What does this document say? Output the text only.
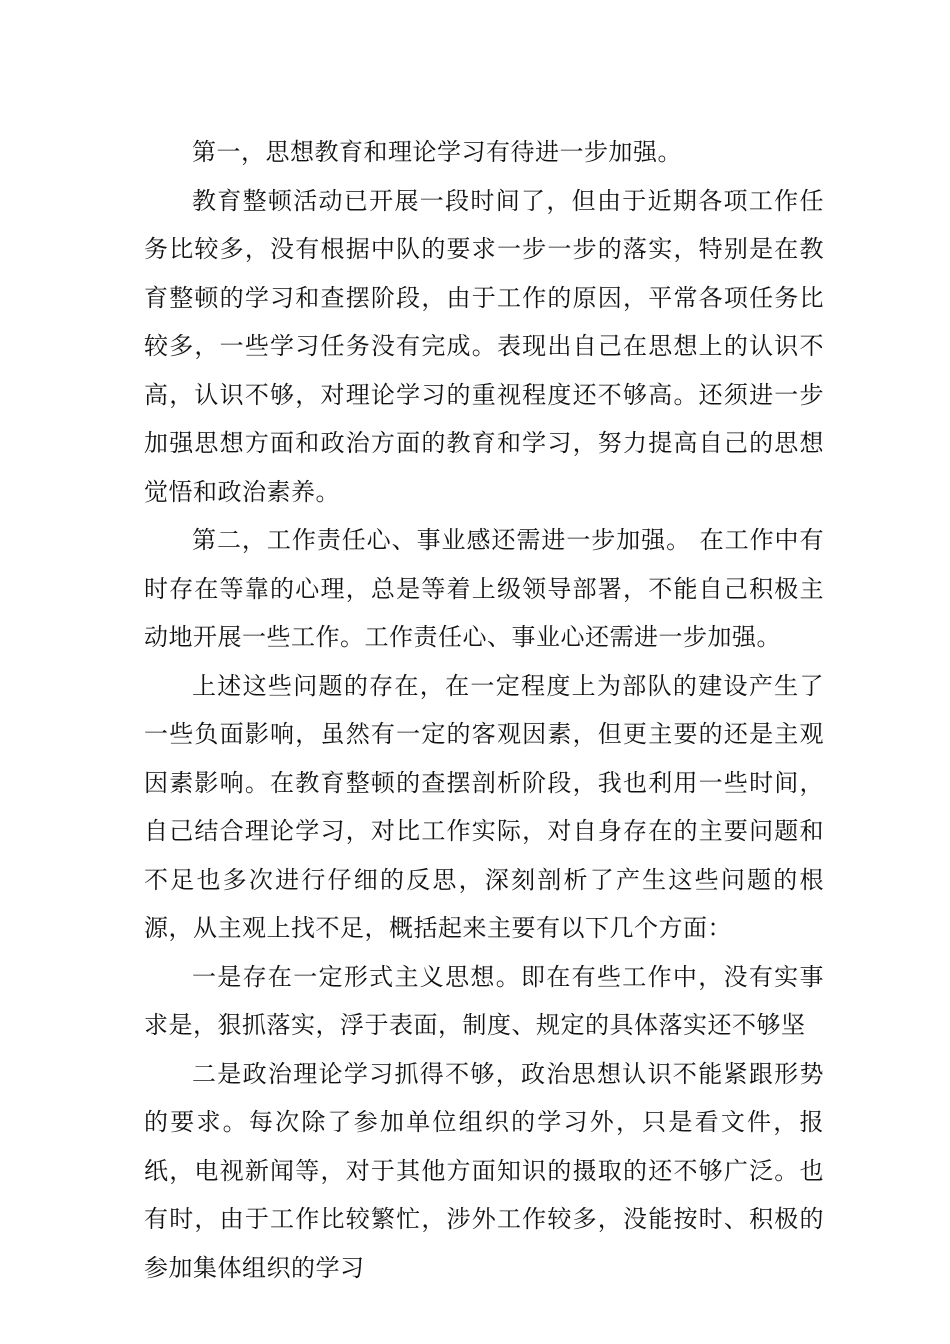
第一，思想教育和理论学习有待进一步加强。

教育整顿活动已开展一段时间了，但由于近期各项工作任务比较多，没有根据中队的要求一步一步的落实，特别是在教育整顿的学习和查摆阶段，由于工作的原因，平常各项任务比较多，一些学习任务没有完成。表现出自己在思想上的认识不高，认识不够，对理论学习的重视程度还不够高。还须进一步加强思想方面和政治方面的教育和学习，努力提高自己的思想觉悟和政治素养。

第二，工作责任心、事业感还需进一步加强。 在工作中有时存在等靠的心理，总是等着上级领导部署，不能自己积极主动地开展一些工作。工作责任心、事业心还需进一步加强。

上述这些问题的存在，在一定程度上为部队的建设产生了一些负面影响，虽然有一定的客观因素，但更主要的还是主观因素影响。在教育整顿的查摆剖析阶段，我也利用一些时间，自己结合理论学习，对比工作实际，对自身存在的主要问题和不足也多次进行仔细的反思，深刻剖析了产生这些问题的根源，从主观上找不足，概括起来主要有以下几个方面：

一是存在一定形式主义思想。即在有些工作中，没有实事求是，狠抓落实，浮于表面，制度、规定的具体落实还不够坚

二是政治理论学习抓得不够，政治思想认识不能紧跟形势的要求。每次除了参加单位组织的学习外，只是看文件，报纸，电视新闻等，对于其他方面知识的摄取的还不够广泛。也有时，由于工作比较繁忙，涉外工作较多，没能按时、积极的参加集体组织的学习
